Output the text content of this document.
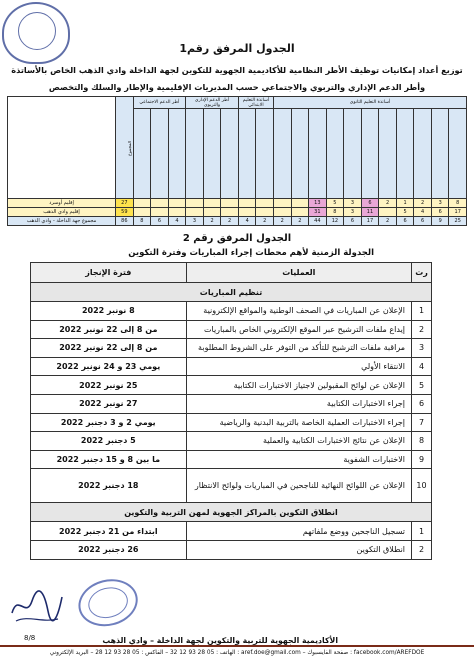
الجدول المرفق رقم1
توزيع أعداد إمكانيات توظيف الأطر النظامية للأكاديمية الجهوية للتكوين لجهة الداخلة وادي الذهب الخاص بالأساتذة وأطر الدعم الإداري والتربوي والاجتماعي حسب المديريات الإقليمية والإطار والسلك والتخصص
أساتذة التعليم الثانوي											أساتذة التعليم الابتدائي		أطر الدعم الإداري والتربوي			أطر الدعم الاجتماعي			المجموع	

8	3	2	1	2	6	3	5	13											27	إقليم أوسرد
17	6	4	5		11	3	8	31											59	إقليم وادي الذهب
25	9	6	6	2	17	6	12	44	2	2	2	4	2	2	3	4	6	8	86	مجموع جهة الداخلة - وادي الذهب
الجدول المرفق رقم 2
الجدولة الزمنية لأهم محطات إجراء المباريات وفترة التكوين
رت	العمليات	فترة الإنجاز
تنظيم المباريات		
1	الإعلان عن المباريات في الصحف الوطنية والمواقع الإلكترونية	8 نونبر 2022
2	إيداع ملفات الترشيح عبر الموقع الإلكتروني الخاص بالمباريات	من 8 إلى 22 نونبر 2022
3	مراقبة ملفات الترشيح للتأكد من التوفر على الشروط المطلوبة	من 8 إلى 22 نونبر 2022
4	الانتقاء الأولي	يومي 23 و 24 نونبر 2022
5	الإعلان عن لوائح المقبولين لاجتياز الاختبارات الكتابية	25 نونبر 2022
6	إجراء الاختبارات الكتابية	27 نونبر 2022
7	إجراء الاختبارات العملية الخاصة بالتربية البدنية والرياضية	يومي 2 و 3 دجنبر 2022
8	الإعلان عن نتائج الاختبارات الكتابية والعملية	5 دجنبر 2022
9	الاختبارات الشفوية	ما بين 8 و 15 دجنبر 2022
10	الإعلان عن اللوائح النهائية للناجحين في المباريات ولوائح الانتظار	18 دجنبر 2022
انطلاق التكوين بالمراكز الجهوية لمهن التربية والتكوين		
1	تسجيل الناجحين ووضع ملفاتهم	ابتداء من 21 دجنبر 2022
2	انطلاق التكوين	26 دجنبر 2022
8/8	الأكاديمية الجهوية للتربية والتكوين لجهة الداخلة – وادي الذهب
الهاتف : 05 28 93 12 32 – الفاكس : 05 28 93 12 28 – البريد الإلكتروني : aref.doe@gmail.com – صفحة الفايسبوك : facebook.com/AREFDOE
